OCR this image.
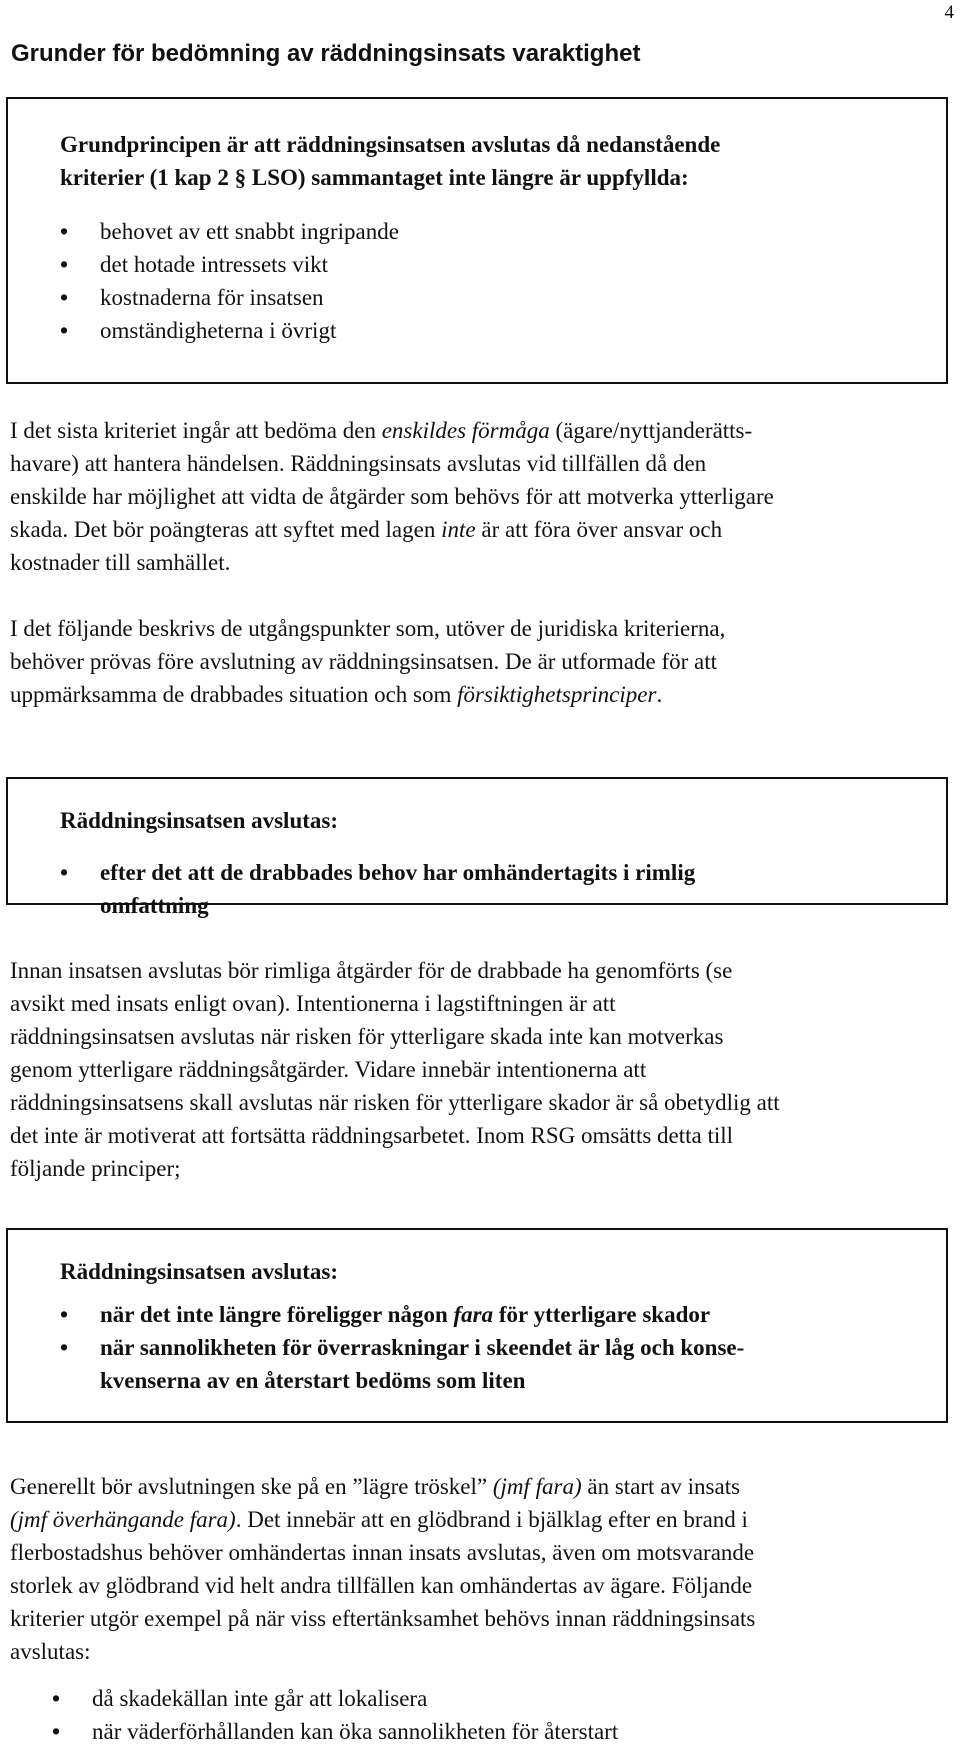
4
Grunder för bedömning av räddningsinsats varaktighet

Grundprincipen är att räddningsinsatsen avslutas då nedanstående
kriterier (1 kap 2 § LSO) sammantaget inte längre är uppfyllda:

• behovet av ett snabbt ingripande
• det hotade intressets vikt
• kostnaderna för insatsen
• omständigheterna i övrigt

I det sista kriteriet ingår att bedöma den enskildes förmåga (ägare/nyttjanderätts-
havare) att hantera händelsen. Räddningsinsats avslutas vid tillfällen då den
enskilde har möjlighet att vidta de åtgärder som behövs för att motverka ytterligare
skada. Det bör poängteras att syftet med lagen inte är att föra över ansvar och
kostnader till samhället.

I det följande beskrivs de utgångspunkter som, utöver de juridiska kriterierna,
behöver prövas före avslutning av räddningsinsatsen. De är utformade för att
uppmärksamma de drabbades situation och som försiktighetsprinciper.

Räddningsinsatsen avslutas:

• efter det att de drabbades behov har omhändertagits i rimlig
omfattning

Innan insatsen avslutas bör rimliga åtgärder för de drabbade ha genomförts (se
avsikt med insats enligt ovan). Intentionerna i lagstiftningen är att
räddningsinsatsen avslutas när risken för ytterligare skada inte kan motverkas
genom ytterligare räddningsåtgärder. Vidare innebär intentionerna att
räddningsinsatsens skall avslutas när risken för ytterligare skador är så obetydlig att
det inte är motiverat att fortsätta räddningsarbetet. Inom RSG omsätts detta till
följande principer;

Räddningsinsatsen avslutas:

• när det inte längre föreligger någon fara för ytterligare skador
• när sannolikheten för överraskningar i skeendet är låg och konse-
kvenserna av en återstart bedöms som liten

Generellt bör avslutningen ske på en ”lägre tröskel” (jmf fara) än start av insats
(jmf överhängande fara). Det innebär att en glödbrand i bjälklag efter en brand i
flerbostadshus behöver omhändertas innan insats avslutas, även om motsvarande
storlek av glödbrand vid helt andra tillfällen kan omhändertas av ägare. Följande
kriterier utgör exempel på när viss eftertänksamhet behövs innan räddningsinsats
avslutas:

• då skadekällan inte går att lokalisera
• när väderförhållanden kan öka sannolikheten för återstart
